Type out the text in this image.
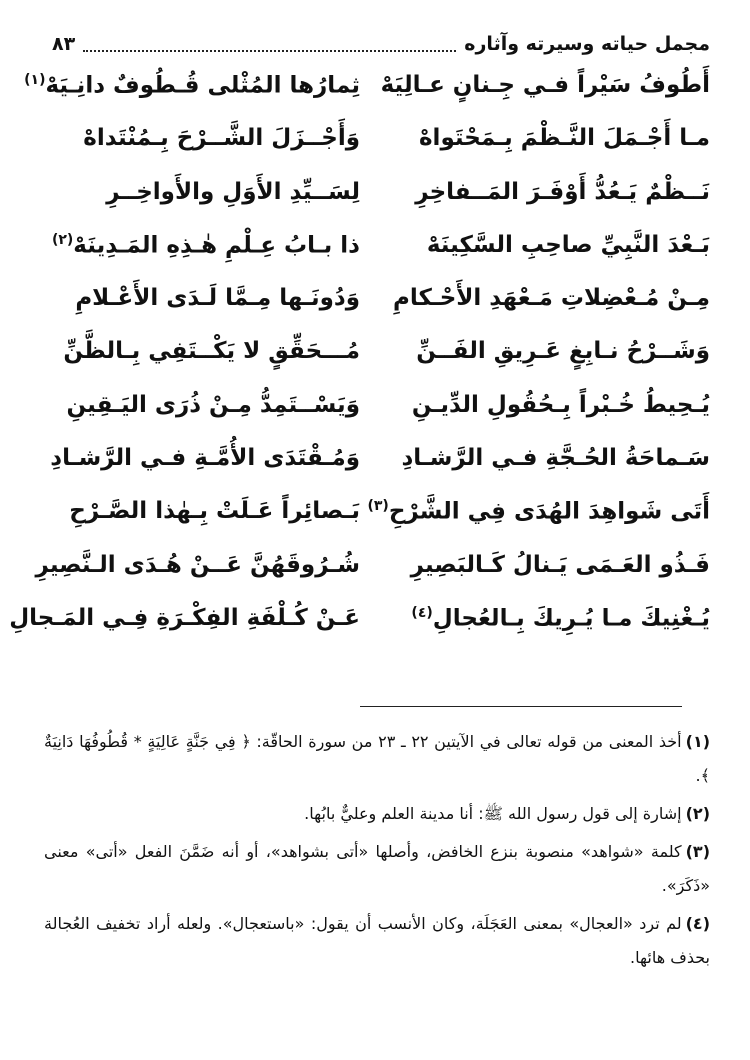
مجمل حياته وسيرته وآثاره
٨٣
أَطُوفُ سَيْراً فـي جِـنانٍ عـالِيَهْ
ثِمارُها المُثْلى قُـطُوفٌ دانِـيَهْ$^{(١)}$
مـا أَجْـمَلَ النَّـظْمَ بِـمَحْتَواهْ
وَأَجْــزَلَ الشَّــرْحَ بِـمُنْتَداهْ
نَــظْمٌ يَـعُدُّ أَوْفَـرَ المَــفاخِرِ
لِسَــيِّدِ الأَوَلِ والأَواخِــرِ
بَـعْدَ النَّبِيِّ صاحِبِ السَّكِينَهْ
ذا بـابُ عِـلْمِ هٰـذِهِ المَـدِينَهْ$^{(٢)}$
مِـنْ مُـعْضِلاتِ مَـعْهَدِ الأَحْـكامِ
وَدُونَـها مِـمَّا لَـدَى الأَعْـلامِ
وَشَــرْحُ نـابِغٍ عَـرِيقِ الفَــنِّ
مُـــحَقِّقٍ لا يَكْــتَفِي بِـالظَّنِّ
يُـحِيطُ خُـبْراً بِـحُقُولِ الدِّيـنِ
وَيَسْــتَمِدُّ مِـنْ ذُرَى اليَـقِينِ
سَـماحَةُ الحُـجَّةِ فـي الرَّشـادِ
وَمُـقْتَدَى الأُمَّـةِ فـي الرَّشـادِ
أَتَى شَواهِدَ الهُدَى فِي الشَّرْحِ$^{(٣)}$
بَـصائِراً عَـلَتْ بِـهٰذا الصَّـرْحِ
فَـذُو العَـمَى يَـنالُ كَـالبَصِيرِ
شُـرُوقَهُنَّ عَــنْ هُـدَى الـنَّصِيرِ
يُـغْنِيكَ مـا يُـرِيكَ بِـالعُجالِ$^{(٤)}$
عَـنْ كُـلْفَةِ الفِكْـرَةِ فِـي المَـجالِ
(١)أخذ المعنى من قوله تعالى في الآيتين ٢٢ ـ ٢٣ من سورة الحاقّة: ﴿ فِي جَنَّةٍ عَالِيَةٍ * قُطُوفُهَا دَانِيَةٌ ﴾.
(٢)إشارة إلى قول رسول الله ﷺ: أنا مدينة العلم وعليٌّ بابُها.
(٣)كلمة «شواهد» منصوبة بنزع الخافض، وأصلها «أتى بشواهد»، أو أنه ضَمَّنَ الفعل «أتى» معنى «ذَكَرَ».
(٤)لم ترد «العجال» بمعنى العَجَلَة، وكان الأنسب أن يقول: «باستعجال». ولعله أراد تخفيف العُجالة بحذف هائها.
